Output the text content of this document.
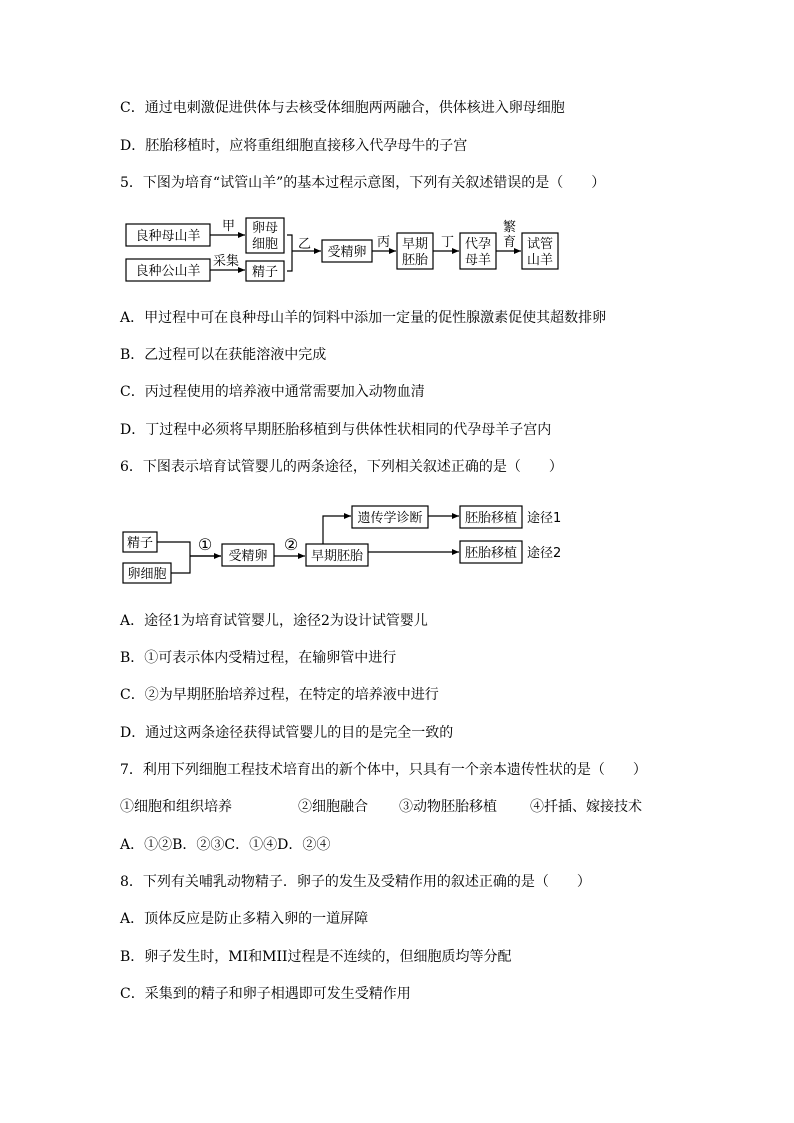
C．通过电刺激促进供体与去核受体细胞两两融合，供体核进入卵母细胞
D．胚胎移植时，应将重组细胞直接移入代孕母牛的子宫
5．下图为培育“试管山羊”的基本过程示意图，下列有关叙述错误的是（　　）
良种母山羊
良种公山羊
卵母
细胞
精子
受精卵
早期
胚胎
代孕
母羊
试管
山羊
甲
采集
乙	丙	丁
繁
育
A．甲过程中可在良种母山羊的饲料中添加一定量的促性腺激素促使其超数排卵
B．乙过程可以在获能溶液中完成
C．丙过程使用的培养液中通常需要加入动物血清
D．丁过程中必须将早期胚胎移植到与供体性状相同的代孕母羊子宫内
6．下图表示培育试管婴儿的两条途径，下列相关叙述正确的是（　　）
精子
卵细胞
①
受精卵
②
早期胚胎
遗传学诊断	胚胎移植 途径1
胚胎移植 途径2
A．途径1为培育试管婴儿，途径2为设计试管婴儿
B．①可表示体内受精过程，在输卵管中进行
C．②为早期胚胎培养过程，在特定的培养液中进行
D．通过这两条途径获得试管婴儿的目的是完全一致的
7．利用下列细胞工程技术培育出的新个体中，只具有一个亲本遗传性状的是（　　）
①细胞和组织培养	②细胞融合 ③动物胚胎移植 ④扦插、嫁接技术
A．①②B．②③C．①④D．②④
8．下列有关哺乳动物精子．卵子的发生及受精作用的叙述正确的是（　　）
A．顶体反应是防止多精入卵的一道屏障
B．卵子发生时，MI和MII过程是不连续的，但细胞质均等分配
C．采集到的精子和卵子相遇即可发生受精作用
